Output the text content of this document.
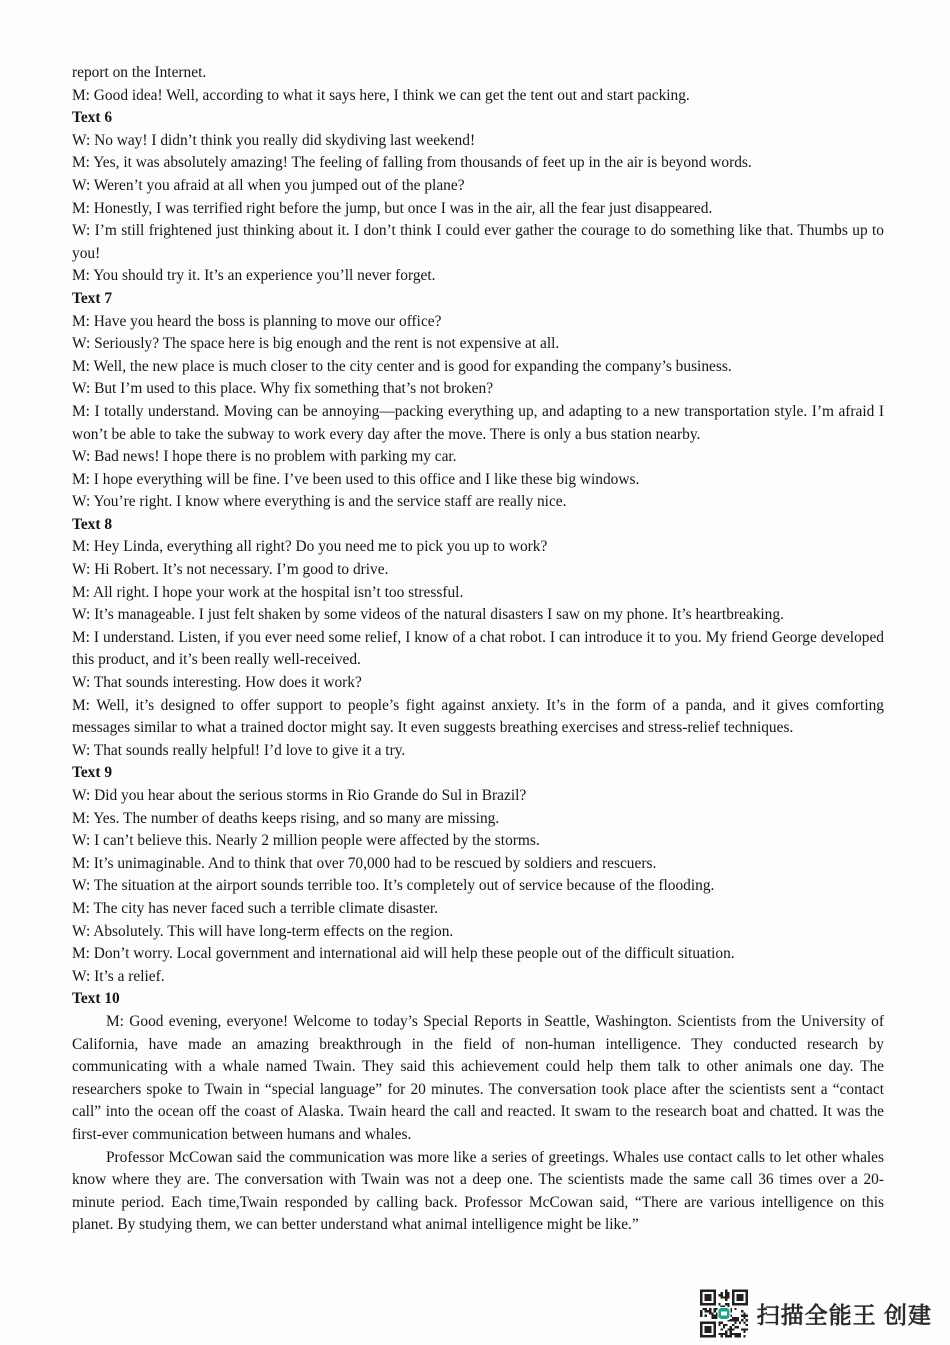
report on the Internet.
M: Good idea! Well, according to what it says here, I think we can get the tent out and start packing.
Text 6
W: No way! I didn’t think you really did skydiving last weekend!
M: Yes, it was absolutely amazing! The feeling of falling from thousands of feet up in the air is beyond words.
W: Weren’t you afraid at all when you jumped out of the plane?
M: Honestly, I was terrified right before the jump, but once I was in the air, all the fear just disappeared.
W: I’m still frightened just thinking about it. I don’t think I could ever gather the courage to do something like that. Thumbs up to you!
M: You should try it. It’s an experience you’ll never forget.
Text 7
M: Have you heard the boss is planning to move our office?
W: Seriously? The space here is big enough and the rent is not expensive at all.
M: Well, the new place is much closer to the city center and is good for expanding the company’s business.
W: But I’m used to this place. Why fix something that’s not broken?
M: I totally understand. Moving can be annoying—packing everything up, and adapting to a new transportation style. I’m afraid I won’t be able to take the subway to work every day after the move. There is only a bus station nearby.
W: Bad news! I hope there is no problem with parking my car.
M: I hope everything will be fine. I’ve been used to this office and I like these big windows.
W: You’re right. I know where everything is and the service staff are really nice.
Text 8
M: Hey Linda, everything all right? Do you need me to pick you up to work?
W: Hi Robert. It’s not necessary. I’m good to drive.
M: All right. I hope your work at the hospital isn’t too stressful.
W: It’s manageable. I just felt shaken by some videos of the natural disasters I saw on my phone. It’s heartbreaking.
M: I understand. Listen, if you ever need some relief, I know of a chat robot. I can introduce it to you. My friend George developed this product, and it’s been really well-received.
W: That sounds interesting. How does it work?
M: Well, it’s designed to offer support to people’s fight against anxiety. It’s in the form of a panda, and it gives comforting messages similar to what a trained doctor might say. It even suggests breathing exercises and stress-relief techniques.
W: That sounds really helpful! I’d love to give it a try.
Text 9
W: Did you hear about the serious storms in Rio Grande do Sul in Brazil?
M: Yes. The number of deaths keeps rising, and so many are missing.
W: I can’t believe this. Nearly 2 million people were affected by the storms.
M: It’s unimaginable. And to think that over 70,000 had to be rescued by soldiers and rescuers.
W: The situation at the airport sounds terrible too. It’s completely out of service because of the flooding.
M: The city has never faced such a terrible climate disaster.
W: Absolutely. This will have long-term effects on the region.
M: Don’t worry. Local government and international aid will help these people out of the difficult situation.
W: It’s a relief.
Text 10
M: Good evening, everyone! Welcome to today’s Special Reports in Seattle, Washington. Scientists from the University of California, have made an amazing breakthrough in the field of non-human intelligence. They conducted research by communicating with a whale named Twain. They said this achievement could help them talk to other animals one day. The researchers spoke to Twain in “special language” for 20 minutes. The conversation took place after the scientists sent a “contact call” into the ocean off the coast of Alaska. Twain heard the call and reacted. It swam to the research boat and chatted. It was the first-ever communication between humans and whales.
Professor McCowan said the communication was more like a series of greetings. Whales use contact calls to let other whales know where they are. The conversation with Twain was not a deep one. The scientists made the same call 36 times over a 20-minute period. Each time,Twain responded by calling back. Professor McCowan said, “There are various intelligence on this planet. By studying them, we can better understand what animal intelligence might be like.”
扫描全能王 创建
